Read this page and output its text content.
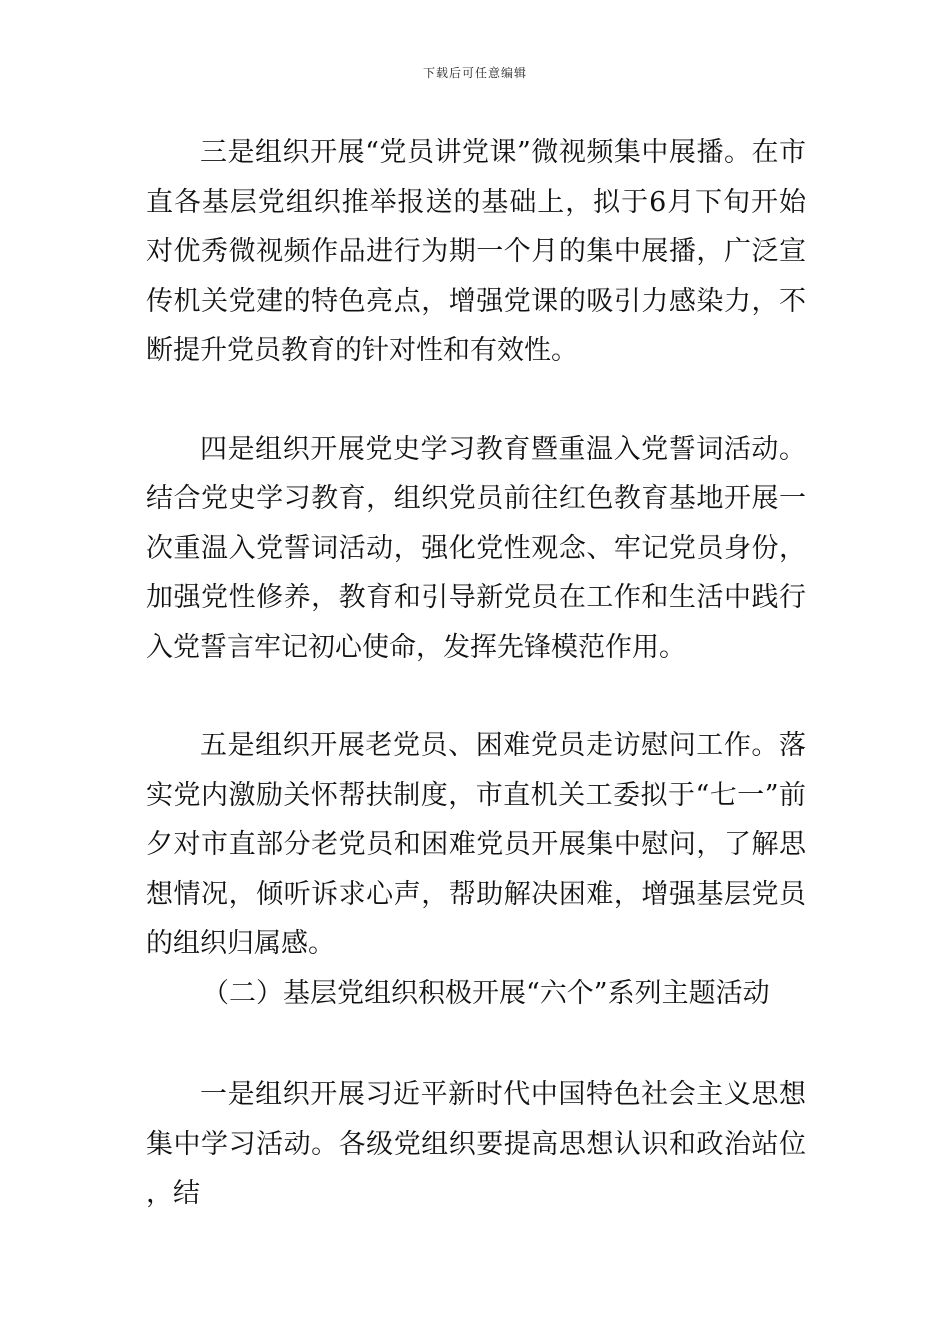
下载后可任意编辑

三是组织开展“党员讲党课”微视频集中展播。在市直各基层党组织推举报送的基础上，拟于6月下旬开始对优秀微视频作品进行为期一个月的集中展播，广泛宣传机关党建的特色亮点，增强党课的吸引力感染力，不断提升党员教育的针对性和有效性。

四是组织开展党史学习教育暨重温入党誓词活动。结合党史学习教育，组织党员前往红色教育基地开展一次重温入党誓词活动，强化党性观念、牢记党员身份，加强党性修养，教育和引导新党员在工作和生活中践行入党誓言牢记初心使命，发挥先锋模范作用。

五是组织开展老党员、困难党员走访慰问工作。落实党内激励关怀帮扶制度，市直机关工委拟于“七一”前夕对市直部分老党员和困难党员开展集中慰问，了解思想情况，倾听诉求心声，帮助解决困难，增强基层党员的组织归属感。

（二）基层党组织积极开展“六个”系列主题活动

一是组织开展习近平新时代中国特色社会主义思想集中学习活动。各级党组织要提高思想认识和政治站位，结
